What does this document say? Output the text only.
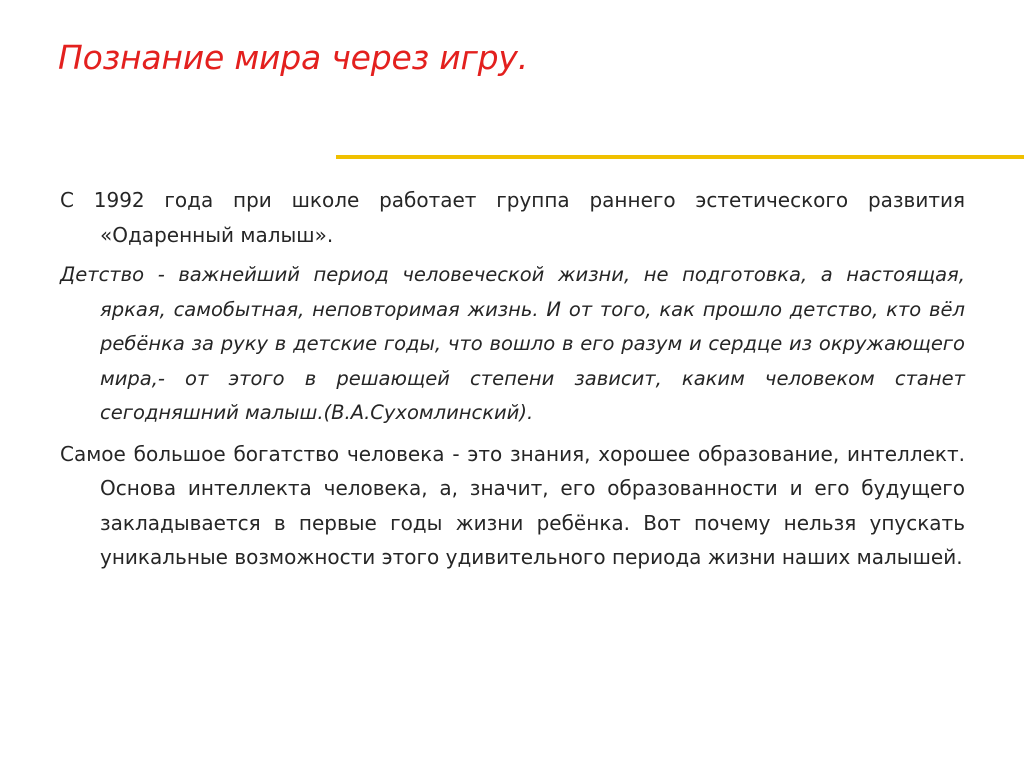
Познание мира через игру.

С 1992 года при школе работает группа раннего эстетического развития «Одаренный малыш».

Детство - важнейший период человеческой жизни, не подготовка, а настоящая, яркая, самобытная, неповторимая жизнь. И от того, как прошло детство, кто вёл ребёнка за руку в детские годы, что вошло в его разум и сердце из окружающего мира,- от этого в решающей степени зависит, каким человеком станет сегодняшний малыш.(В.А.Сухомлинский).

Самое большое богатство человека - это знания, хорошее образование, интеллект. Основа интеллекта человека, а, значит, его образованности и его будущего закладывается в первые годы жизни ребёнка. Вот почему нельзя упускать уникальные возможности этого удивительного периода жизни наших малышей.
